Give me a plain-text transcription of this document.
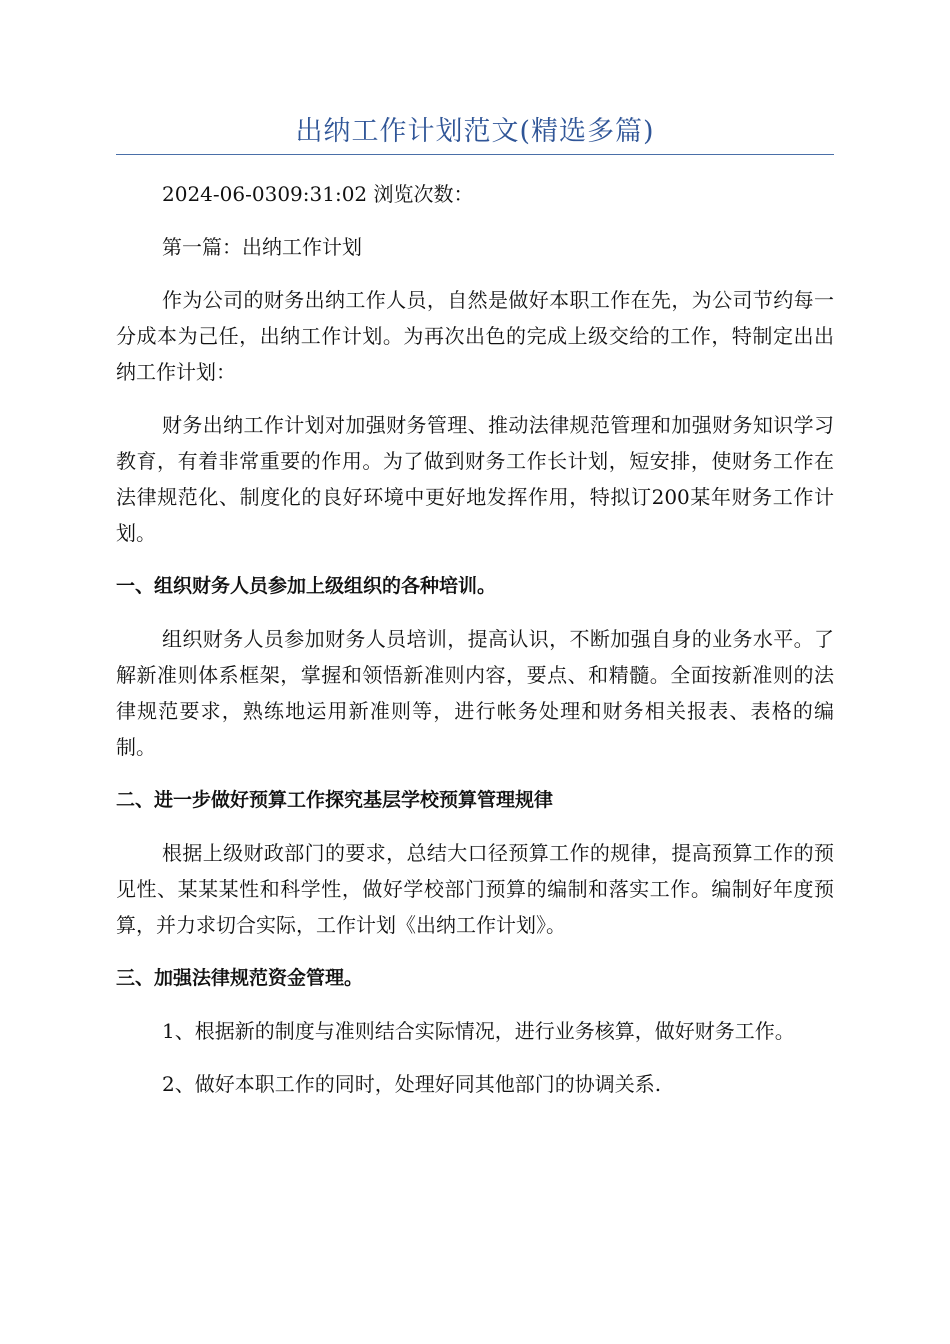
出纳工作计划范文(精选多篇)

2024-06-0309:31:02 浏览次数：

第一篇：出纳工作计划

作为公司的财务出纳工作人员，自然是做好本职工作在先，为公司节约每一分成本为己任，出纳工作计划。为再次出色的完成上级交给的工作，特制定出出纳工作计划：

财务出纳工作计划对加强财务管理、推动法律规范管理和加强财务知识学习教育，有着非常重要的作用。为了做到财务工作长计划，短安排，使财务工作在法律规范化、制度化的良好环境中更好地发挥作用，特拟订200某年财务工作计划。

一、组织财务人员参加上级组织的各种培训。

组织财务人员参加财务人员培训，提高认识，不断加强自身的业务水平。了解新准则体系框架，掌握和领悟新准则内容，要点、和精髓。全面按新准则的法律规范要求，熟练地运用新准则等，进行帐务处理和财务相关报表、表格的编制。

二、进一步做好预算工作探究基层学校预算管理规律

根据上级财政部门的要求，总结大口径预算工作的规律，提高预算工作的预见性、某某某性和科学性，做好学校部门预算的编制和落实工作。编制好年度预算，并力求切合实际，工作计划《出纳工作计划》。

三、加强法律规范资金管理。

1、根据新的制度与准则结合实际情况，进行业务核算，做好财务工作。

2、做好本职工作的同时，处理好同其他部门的协调关系.
